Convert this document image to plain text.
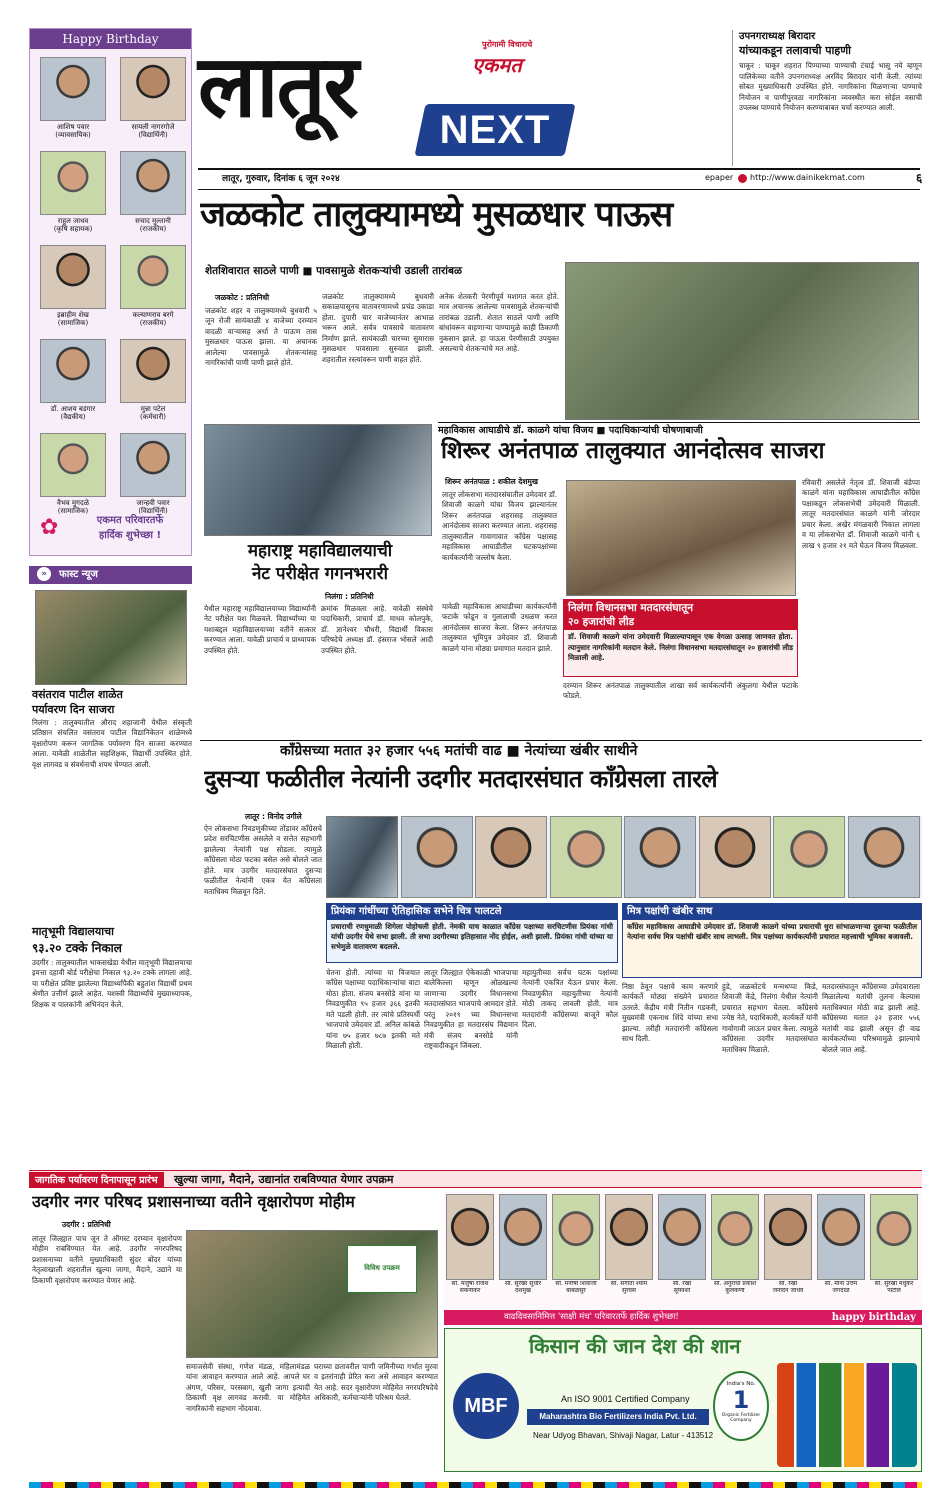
Happy Birthday
आशिष पवार
(व्यावसायिक)
सायली नागरगोजे
(विद्यार्थिनी)
राहुल जाधव
(कृषि सहायक)
सचाद मुल्तानी
(राजकीय)
इब्राहीम शेख
(सामाजिक)
कल्याणराव बरगे
(राजकीय)
डॉ. आशय बडगार
(वैद्यकीय)
मुन्ना पटेल
(कर्मचारी)
वैभव मुगदळे
(सामाजिक)
जान्हवी पवार
(विद्यार्थिनी)
✿	एकमत परिवारतर्फे
हार्दिक शुभेच्छा !
»	फास्ट न्यूज
वसंतराव पाटील शाळेत
पर्यावरण दिन साजरा
निलंगा : तालुक्यातील औराद शहाजानी येथील संस्कृती प्रतिष्ठान संचलित वसंतराव पाटील विद्यानिकेतन शाळेमध्ये वृक्षारोपण करून जागतिक पर्यावरण दिन साजरा करण्यात आला. यावेळी शाळेतील सहशिक्षक, विद्यार्थी उपस्थित होते. वृक्ष लागवड व संवर्धनाची शपथ घेण्यात आली.
मातृभूमी विद्यालयाचा
९३.२० टक्के निकाल
उदगीर : तालुक्यातील भाकसखेडा येथील मातृभूमी विद्यालयाचा इयत्ता दहावी बोर्ड परीक्षेचा निकाल ९३.२० टक्के लागला आहे. या परीक्षेत प्रविष्ट झालेल्या विद्यार्थ्यांपैकी बहुतांश विद्यार्थी प्रथम श्रेणीत उत्तीर्ण झाले आहेत. यशस्वी विद्यार्थ्यांचे मुख्याध्यापक, शिक्षक व पालकांनी अभिनंदन केले.
लातूर	पुरोगामी विचाराचे
एकमत
NEXT
लातूर, गुरुवार, दिनांक ६ जून २०२४	epaper http://www.dainikekmat.com	६
उपनगराध्यक्ष बिरादार
यांच्याकडून तलावाची पाहणी
चाकूर : चाकूर शहरात पिण्याच्या पाण्याची टंचाई भासू नये म्हणून पालिकेच्या वतीने उपनगराध्यक्ष अरविंद बिरादार यांनी केली. त्यांच्या सोबत मुख्याधिकारी उपस्थित होते. नागरिकांना मिळणाऱ्या पाण्याचे नियोजन व पाणीपुरवठा नागरिकांना व्यवस्थीत करा सोईल वसाची उपलब्ध पाण्याचे नियोजन करण्याबाबत चर्चा करण्यात आली.
जळकोट तालुक्यामध्ये मुसळधार पाऊस
शेतशिवारात साठले पाणी ■ पावसामुळे शेतकऱ्यांची उडाली तारांबळ
जळकोट : प्रतिनिधी
जळकोट शहर व तालुक्यामध्ये बुधवारी ५ जून रोजी सायंकाळी ४ वाजेच्या दरम्यान वादळी वाऱ्यासह अर्धा ते पाऊण तास मुसळधार पाऊस झाला. या अचानक आलेल्या पावसामुळे शेतकऱ्यांसह नागरिकांची पाणी पाणी झाले होते.
जळकोट तालुक्यामध्ये बुधवारी सकाळपासूनच वातावरणामध्ये प्रचंड उकाडा होता. दुपारी चार वाजेच्यानंतर आभाळ भरून आले. सर्वत्र पावसाचे वातावरण निर्माण झाले. सायंकाळी चारच्या सुमारास मुसळधार पावसाला सुरुवात झाली. शहरातील रस्त्यांवरून पाणी वाहत होते.
अनेक शेतकरी पेरणीपूर्व मशागत करत होते. मात्र अचानक आलेल्या पावसामुळे शेतकऱ्यांची तारांबळ उडाली. शेतात साठले पाणी आणि बांधांवरून वाहणाऱ्या पाण्यामुळे काही ठिकाणी नुकसान झाले. हा पाऊस पेरणीसाठी उपयुक्त असल्याचे शेतकऱ्यांचे मत आहे.
महाराष्ट्र महाविद्यालयाची
नेट परीक्षेत गगनभरारी
निलंगा : प्रतिनिधी
येथील महाराष्ट्र महाविद्यालयाच्या विद्यार्थ्यांनी नेट परीक्षेत यश मिळवले. विद्यार्थ्यांच्या या यशाबद्दल महाविद्यालयाच्या वतीने सत्कार करण्यात आला. यावेळी प्राचार्य व प्राध्यापक उपस्थित होते.
क्रमांक मिळवला आहे. यावेळी संस्थेचे पदाधिकारी, प्राचार्य डॉ. माधव कोलपुके, डॉ. ज्ञानेश्वर चौधरी, विद्यार्थी विकास परिषदेचे अध्यक्ष डॉ. हंसराज भोसले आदी उपस्थित होते.
महाविकास आघाडीचे डॉ. काळगे यांचा विजय ■ पदाधिकाऱ्यांची घोषणाबाजी
शिरूर अनंतपाळ तालुक्यात आनंदोत्सव साजरा
शिरूर अनंतपाळ : शकील देशमुख
लातूर लोकसभा मतदारसंघातील उमेदवार डॉ. शिवाजी काळगे यांचा विजय झाल्यानंतर शिरूर अनंतपाळ शहरासह तालुक्यात आनंदोत्सव साजरा करण्यात आला. शहरासह तालुक्यातील गावागावात काँग्रेस पक्षासह महाविकास आघाडीतील घटकपक्षांच्या कार्यकर्त्यांनी जल्लोष केला.
रविवारी असलेले नेतृत्व डॉ. शिवाजी बंडेप्पा काळगे यांना महाविकास आघाडीतील काँग्रेस पक्षाकडून लोकसभेची उमेदवारी मिळाली. लातूर मतदारसंघात काळगे यांनी जोरदार प्रचार केला. अखेर मंगळवारी निकाल लागला व या लोकसभेत डॉ. शिवाजी काळगे यांनी ६ लाख ९ हजार २१ मते घेऊन विजय मिळवला.
यावेळी महाविकास आघाडीच्या कार्यकर्त्यांनी फटाके फोडून व गुलालाची उधळण करत आनंदोत्सव साजरा केला. शिरूर अनंतपाळ तालुक्यात भूमिपुत्र उमेदवार डॉ. शिवाजी काळगे यांना मोठ्या प्रमाणात मतदान झाले.
निलंगा विधानसभा मतदारसंघातून
२० हजारांची लीड
डॉ. शिवाजी काळगे यांना उमेदवारी मिळाल्यापासून एक वेगळा उत्साह जाणवत होता. त्यानुसार नागरिकांनी मतदान केले. निलंगा विधानसभा मतदारसंघातून २० हजारांची लीड मिळाली आहे.
दरम्यान शिरूर अनंतपाळ तालुक्यातील शाखा सर्व कार्यकर्त्यांनी अंकुलगा येथील फटाके फोडले.
काँग्रेसच्या मतात ३२ हजार ५५६ मतांची वाढ ■ नेत्यांच्या खंबीर साथीने
दुसऱ्या फळीतील नेत्यांनी उदगीर मतदारसंघात काँग्रेसला तारले
लातूर : विनोद उगीले
ऐन लोकसभा निवडणुकीच्या तोंडावर काँग्रेसचे प्रदेश सरचिटणीस असलेले व सत्तेत सहभागी झालेल्या नेत्यांनी पक्ष सोडला. त्यामुळे काँग्रेसला मोठा फटका बसेल असे बोलले जात होते. मात्र उदगीर मतदारसंघात दुसऱ्या फळीतील नेत्यांनी एकत्र येत काँग्रेसला मताधिक्य मिळवून दिले.
प्रियंका गांधींच्या ऐतिहासिक सभेने चित्र पालटले
प्रचाराची रणधुमाळी शिगेला पोहोचली होती. नेमकी याच काळात काँग्रेस पक्षाच्या सरचिटणीस प्रियंका गांधी यांची उदगीर येथे सभा झाली. ती सभा उदगीरच्या इतिहासात नोंद होईल, अशी झाली. प्रियंका गांधी यांच्या या सभेमुळे वातावरण बदलले.
मित्र पक्षांची खंबीर साथ
काँग्रेस महाविकास आघाडीचे उमेदवार डॉ. शिवाजी काळगे यांच्या प्रचाराची धुरा सांभाळणाऱ्या दुसऱ्या फळीतील नेत्यांना सर्वच मित्र पक्षांची खंबीर साथ लाभली. मित्र पक्षांच्या कार्यकर्त्यांनी प्रचारात महत्त्वाची भूमिका बजावली.
चेतना होती. त्यांच्या या विजयात काँग्रेस पक्षाच्या पदाधिकाऱ्यांचा वाटा मोठा होता. संजय बनसोडे यांना या निवडणुकीत ९५ हजार ३६६ इतकी मते पडली होती. तर त्यांचे प्रतिस्पर्धी भाजपाचे उमेदवार डॉ. अनिल कांबळे यांना ७५ हजार ७८७ इतकी मते मिळाली होती.
लातूर जिल्ह्यात ऐकेकाळी भाजपाचा बालेकिल्ला म्हणून ओळखल्या जाणाऱ्या उदगीर विधानसभा मतदारसंघात भाजपाचे आमदार होते. परंतु २०१९ च्या विधानसभा निवडणुकीत हा मतदारसंघ विद्यमान मंत्री संजय बनसोडे यांनी राष्ट्रवादीकडून जिंकला.
महायुतीच्या सर्वच घटक पक्षांच्या नेत्यांनी एकत्रित येऊन प्रचार केला. निवडणुकीत महायुतीच्या नेत्यांनी मोठी ताकद लावली होती. मात्र मतदारांनी काँग्रेसच्या बाजूने कौल दिला.
निष्ठा ठेवून पक्षाचे काम करणारे कार्यकर्ते मोठ्या संख्येने प्रचारात उतरले. केंद्रीय मंत्री नितीन गडकरी, मुख्यमंत्री एकनाथ शिंदे यांच्या सभा झाल्या. तरीही मतदारांनी काँग्रेसला साथ दिली.
हुडे, जळकोटचे मन्मथप्पा किडे, शिवाजी केंद्रे, निलंगा येथील नेत्यांनी प्रचारात सहभाग घेतला. काँग्रेसचे ज्येष्ठ नेते, पदाधिकारी, कार्यकर्ते यांनी गावोगावी जाऊन प्रचार केला. त्यामुळे काँग्रेसला उदगीर मतदारसंघात मताधिक्य मिळाले.
मतदारसंघातून काँग्रेसच्या उमेदवाराला मिळालेल्या मतांची तुलना केल्यास मताधिक्यात मोठी वाढ झाली आहे. काँग्रेसच्या मतात ३२ हजार ५५६ मतांची वाढ झाली असून ही वाढ कार्यकर्त्यांच्या परिश्रमामुळे झाल्याचे बोलले जात आहे.
जागतिक पर्यावरण दिनापासून प्रारंभ खुल्या जागा, मैदाने, उद्यानांत राबविण्यात येणार उपक्रम
उदगीर नगर परिषद प्रशासनाच्या वतीने वृक्षारोपण मोहीम
उदगीर : प्रतिनिधी
लातूर जिल्ह्यात पाच जून ते ऑगस्ट दरम्यान वृक्षारोपण मोहीम राबविण्यात येत आहे. उदगीर नगरपरिषद प्रशासनाच्या वतीने मुख्याधिकारी सुंदर बोंदर यांच्या नेतृत्वाखाली शहरातील खुल्या जागा, मैदाने, उद्याने या ठिकाणी वृक्षारोपण करण्यात येणार आहे.
विविध उपक्रम
समाजसेवी संस्था, गणेश मंडळ, महिलामंडळ यांना आवाहन करण्यात आले आहे. आपले घर अंगण, परिसर, परसबाग, खुली जागा इत्यादी ठिकाणी वृक्ष लागवड करावी. या मोहिमेत नागरिकांनी सहभाग नोंदवावा.
घराच्या छतावरील पाणी जमिनीच्या गर्भात मुरवा व इतरांनाही प्रेरित करा असे आवाहन करण्यात येत आहे. सदर वृक्षारोपण मोहिमेत नगरपरिषदेचे अधिकारी, कर्मचाऱ्यांनी परिश्रम घेतले.
सौ. मंजुषा राजेश
सकनीकर
सौ. सुरेखा सुधीर
देशमुख
सौ. मनीषा शिवाजी
बाबळसुरे
सौ. संगीता श्याम
सुरवसे
सौ. रेखा
सूर्यवंशी
सौ. अनुराधा प्रकाश
कुलकर्णी
सौ. रेखा
जनार्दन जाधव
सौ. मीना उत्तम
जगदाळे
सौ. सुरेखा मधुकर
पाटील
वाढदिवसानिमित्त 'साक्षी मंच' परिवारतर्फे हार्दिक शुभेच्छा!	happy birthday
किसान की जान देश की शान
MBF	An ISO 9001 Certified Company
Maharashtra Bio Fertilizers India Pvt. Ltd.
Near Udyog Bhavan, Shivaji Nagar, Latur - 413512
India's No.
1
Organic Fertilizer Company
